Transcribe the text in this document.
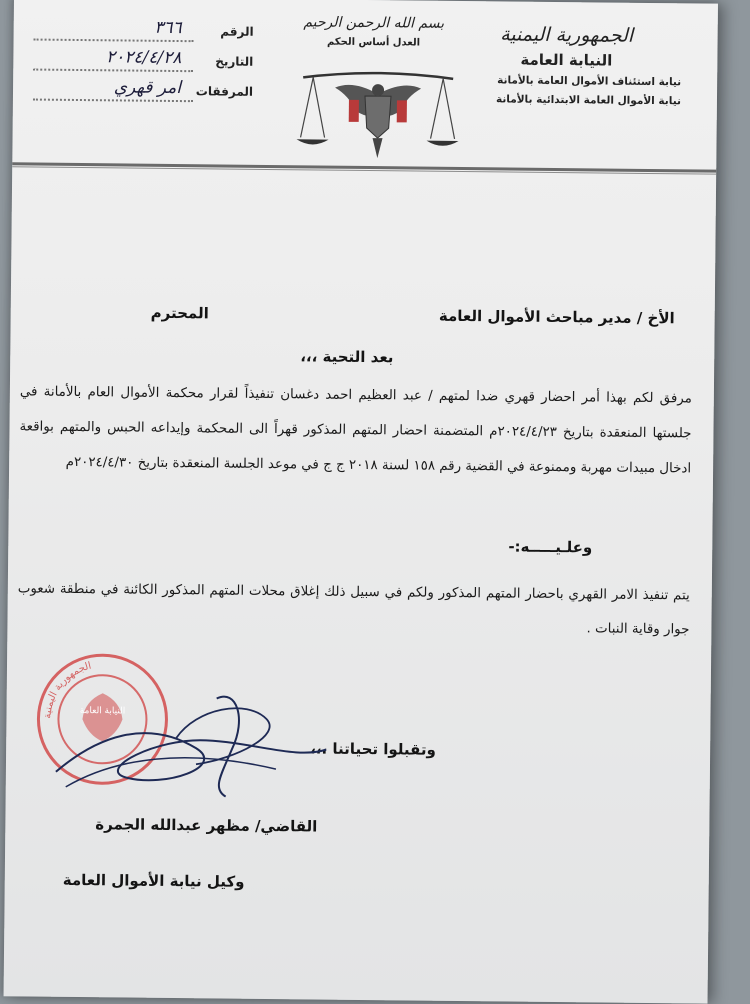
الجمهورية اليمنية
النيابة العامة
نيابة استئناف الأموال العامة بالأمانة
نيابة الأموال العامة الابتدائية بالأمانة
بسم الله الرحمن الرحيم
العدل أساس الحكم
الرقم
٣٦٦
التاريخ
٢٠٢٤/٤/٢٨
المرفقات
امر قهري
الأخ / مدير مباحث الأموال العامة
المحترم
بعد التحية ،،،
مرفق لكم بهذا أمر احضار قهري ضدا لمتهم / عبد العظيم احمد دغسان تنفيذاً لقرار محكمة الأموال العام بالأمانة في جلستها المنعقدة بتاريخ ٢٠٢٤/٤/٢٣م المتضمنة احضار المتهم المذكور قهراً الى المحكمة وإيداعه الحبس والمتهم بواقعة ادخال مبيدات مهربة وممنوعة في القضية رقم ١٥٨ لسنة ٢٠١٨ ج ج في موعد الجلسة المنعقدة بتاريخ ٢٠٢٤/٤/٣٠م
وعلـيـــــه:-
يتم تنفيذ الامر القهري باحضار المتهم المذكور ولكم في سبيل ذلك إغلاق محلات المتهم المذكور الكائنة في منطقة شعوب جوار وقاية النبات .
وتقبلوا تحياتنا ،،،
القاضي/ مظهر عبدالله الجمرة
وكيل نيابة الأموال العامة
الجمهورية اليمنية
النيابة العامة
